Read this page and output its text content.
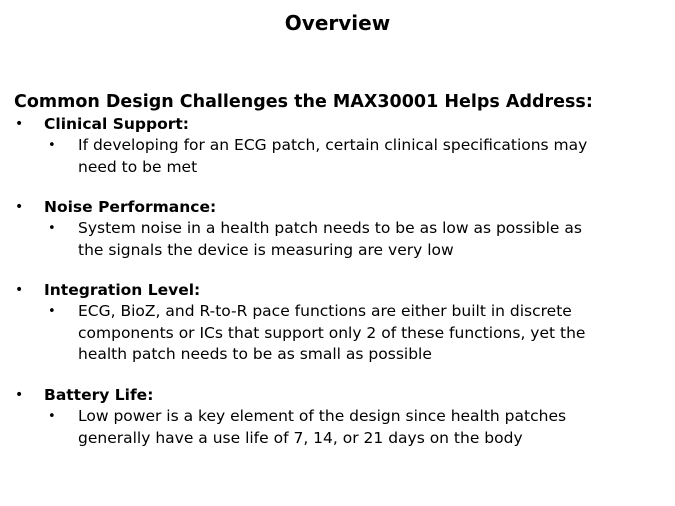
Overview
Common Design Challenges the MAX30001 Helps Address:
• Clinical Support:
• If developing for an ECG patch, certain clinical specifications may
need to be met
• Noise Performance:
• System noise in a health patch needs to be as low as possible as
the signals the device is measuring are very low
• Integration Level:
• ECG, BioZ, and R-to-R pace functions are either built in discrete
components or ICs that support only 2 of these functions, yet the
health patch needs to be as small as possible
• Battery Life:
• Low power is a key element of the design since health patches
generally have a use life of 7, 14, or 21 days on the body
